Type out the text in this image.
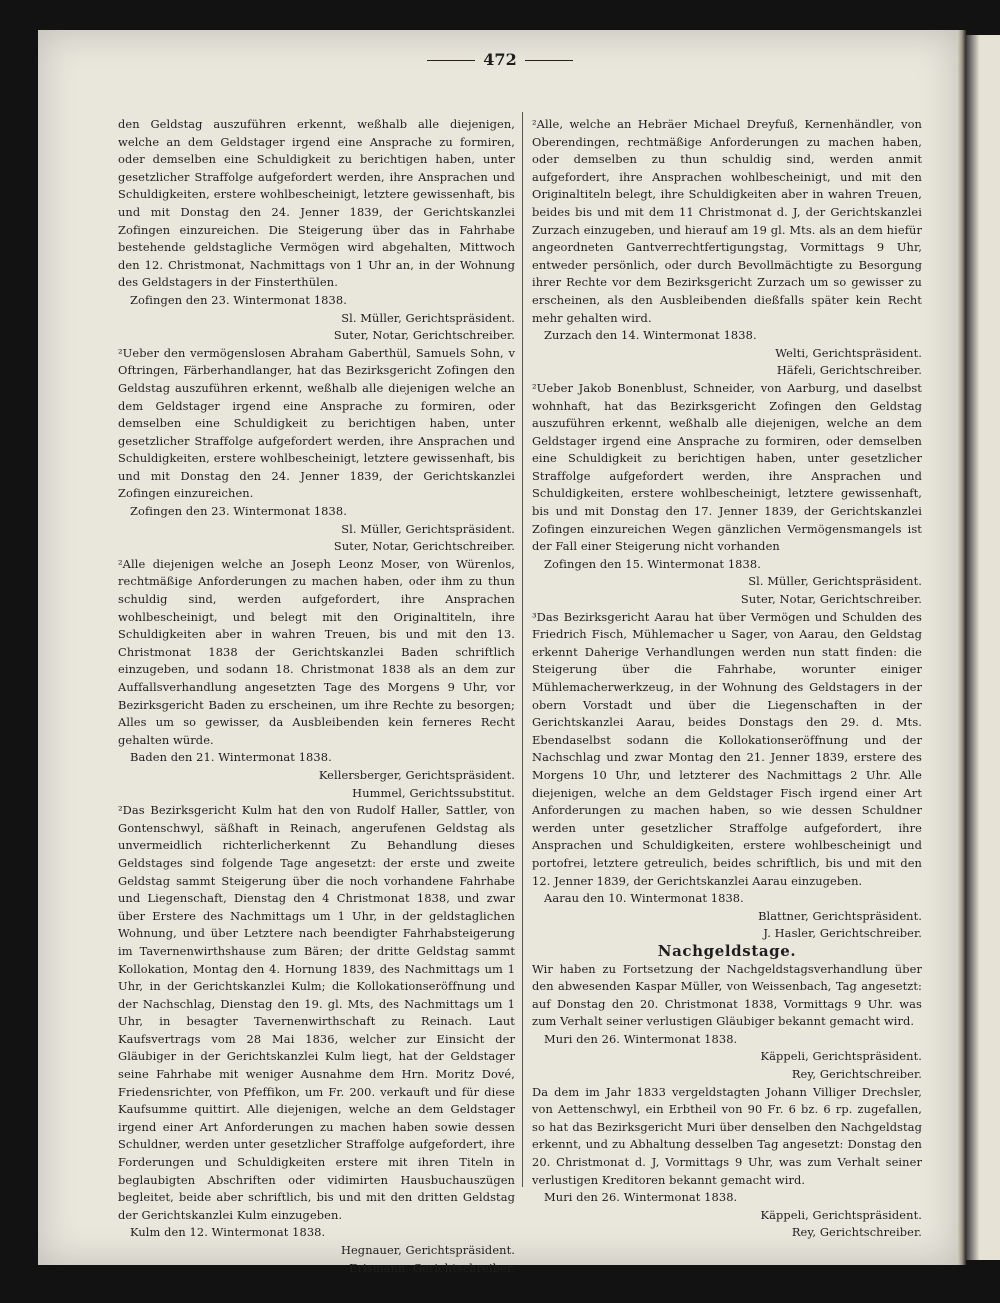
472

den Geldstag auszuführen erkennt, weßhalb alle diejenigen, welche an dem Geldstager irgend eine Ansprache zu formiren, oder demselben eine Schuldigkeit zu berichtigen haben, unter gesetzlicher Straffolge aufgefordert werden, ihre Ansprachen und Schuldigkeiten, erstere wohlbescheinigt, letztere gewissenhaft, bis und mit Donstag den 24. Jenner 1839, der Gerichtskanzlei Zofingen einzureichen. Die Steigerung über das in Fahrhabe bestehende geldstagliche Vermögen wird abgehalten, Mittwoch den 12. Christmonat, Nachmittags von 1 Uhr an, in der Wohnung des Geldstagers in der Finsterthülen.

Zofingen den 23. Wintermonat 1838.

Sl. Müller, Gerichtspräsident.

Suter, Notar, Gerichtschreiber.

²Ueber den vermögenslosen Abraham Gaberthül, Samuels Sohn, v Oftringen, Färberhandlanger, hat das Bezirksgericht Zofingen den Geldstag auszuführen erkennt, weßhalb alle diejenigen welche an dem Geldstager irgend eine Ansprache zu formiren, oder demselben eine Schuldigkeit zu berichtigen haben, unter gesetzlicher Straffolge aufgefordert werden, ihre Ansprachen und Schuldigkeiten, erstere wohlbescheinigt, letztere gewissenhaft, bis und mit Donstag den 24. Jenner 1839, der Gerichtskanzlei Zofingen einzureichen.

Zofingen den 23. Wintermonat 1838.

Sl. Müller, Gerichtspräsident.

Suter, Notar, Gerichtschreiber.

²Alle diejenigen welche an Joseph Leonz Moser, von Würenlos, rechtmäßige Anforderungen zu machen haben, oder ihm zu thun schuldig sind, werden aufgefordert, ihre Ansprachen wohlbescheinigt, und belegt mit den Originaltiteln, ihre Schuldigkeiten aber in wahren Treuen, bis und mit den 13. Christmonat 1838 der Gerichtskanzlei Baden schriftlich einzugeben, und sodann 18. Christmonat 1838 als an dem zur Auffallsverhandlung angesetzten Tage des Morgens 9 Uhr, vor Bezirksgericht Baden zu erscheinen, um ihre Rechte zu besorgen; Alles um so gewisser, da Ausbleibenden kein ferneres Recht gehalten würde.

Baden den 21. Wintermonat 1838.

Kellersberger, Gerichtspräsident.

Hummel, Gerichtssubstitut.

²Das Bezirksgericht Kulm hat den von Rudolf Haller, Sattler, von Gontenschwyl, säßhaft in Reinach, angerufenen Geldstag als unvermeidlich richterlicherkennt Zu Behandlung dieses Geldstages sind folgende Tage angesetzt: der erste und zweite Geldstag sammt Steigerung über die noch vorhandene Fahrhabe und Liegenschaft, Dienstag den 4 Christmonat 1838, und zwar über Erstere des Nachmittags um 1 Uhr, in der geldstaglichen Wohnung, und über Letztere nach beendigter Fahrhabsteigerung im Tavernenwirthshause zum Bären; der dritte Geldstag sammt Kollokation, Montag den 4. Hornung 1839, des Nachmittags um 1 Uhr, in der Gerichtskanzlei Kulm; die Kollokationseröffnung und der Nachschlag, Dienstag den 19. gl. Mts, des Nachmittags um 1 Uhr, in besagter Tavernenwirthschaft zu Reinach. Laut Kaufsvertrags vom 28 Mai 1836, welcher zur Einsicht der Gläubiger in der Gerichtskanzlei Kulm liegt, hat der Geldstager seine Fahrhabe mit weniger Ausnahme dem Hrn. Moritz Dové, Friedensrichter, von Pfeffikon, um Fr. 200. verkauft und für diese Kaufsumme quittirt. Alle diejenigen, welche an dem Geldstager irgend einer Art Anforderungen zu machen haben sowie dessen Schuldner, werden unter gesetzlicher Straffolge aufgefordert, ihre Forderungen und Schuldigkeiten erstere mit ihren Titeln in beglaubigten Abschriften oder vidimirten Hausbuchauszügen begleitet, beide aber schriftlich, bis und mit den dritten Geldstag der Gerichtskanzlei Kulm einzugeben.

Kulm den 12. Wintermonat 1838.

Hegnauer, Gerichtspräsident.

Erismann, Gerichtschreiber.

²Alle, welche an Hebräer Michael Dreyfuß, Kernenhändler, von Oberendingen, rechtmäßige Anforderungen zu machen haben, oder demselben zu thun schuldig sind, werden anmit aufgefordert, ihre Ansprachen wohlbescheinigt, und mit den Originaltiteln belegt, ihre Schuldigkeiten aber in wahren Treuen, beides bis und mit dem 11 Christmonat d. J, der Gerichtskanzlei Zurzach einzugeben, und hierauf am 19 gl. Mts. als an dem hiefür angeordneten Gantverrechtfertigungstag, Vormittags 9 Uhr, entweder persönlich, oder durch Bevollmächtigte zu Besorgung ihrer Rechte vor dem Bezirksgericht Zurzach um so gewisser zu erscheinen, als den Ausbleibenden dießfalls später kein Recht mehr gehalten wird.

Zurzach den 14. Wintermonat 1838.

Welti, Gerichtspräsident.

Häfeli, Gerichtschreiber.

²Ueber Jakob Bonenblust, Schneider, von Aarburg, und daselbst wohnhaft, hat das Bezirksgericht Zofingen den Geldstag auszuführen erkennt, weßhalb alle diejenigen, welche an dem Geldstager irgend eine Ansprache zu formiren, oder demselben eine Schuldigkeit zu berichtigen haben, unter gesetzlicher Straffolge aufgefordert werden, ihre Ansprachen und Schuldigkeiten, erstere wohlbescheinigt, letztere gewissenhaft, bis und mit Donstag den 17. Jenner 1839, der Gerichtskanzlei Zofingen einzureichen Wegen gänzlichen Vermögensmangels ist der Fall einer Steigerung nicht vorhanden

Zofingen den 15. Wintermonat 1838.

Sl. Müller, Gerichtspräsident.

Suter, Notar, Gerichtschreiber.

³Das Bezirksgericht Aarau hat über Vermögen und Schulden des Friedrich Fisch, Mühlemacher u Sager, von Aarau, den Geldstag erkennt Daherige Verhandlungen werden nun statt finden: die Steigerung über die Fahrhabe, worunter einiger Mühlemacherwerkzeug, in der Wohnung des Geldstagers in der obern Vorstadt und über die Liegenschaften in der Gerichtskanzlei Aarau, beides Donstags den 29. d. Mts. Ebendaselbst sodann die Kollokationseröffnung und der Nachschlag und zwar Montag den 21. Jenner 1839, erstere des Morgens 10 Uhr, und letzterer des Nachmittags 2 Uhr. Alle diejenigen, welche an dem Geldstager Fisch irgend einer Art Anforderungen zu machen haben, so wie dessen Schuldner werden unter gesetzlicher Straffolge aufgefordert, ihre Ansprachen und Schuldigkeiten, erstere wohlbescheinigt und portofrei, letztere getreulich, beides schriftlich, bis und mit den 12. Jenner 1839, der Gerichtskanzlei Aarau einzugeben.

Aarau den 10. Wintermonat 1838.

Blattner, Gerichtspräsident.

J. Hasler, Gerichtschreiber.

Nachgeldstage.

Wir haben zu Fortsetzung der Nachgeldstagsverhandlung über den abwesenden Kaspar Müller, von Weissenbach, Tag angesetzt: auf Donstag den 20. Christmonat 1838, Vormittags 9 Uhr. was zum Verhalt seiner verlustigen Gläubiger bekannt gemacht wird.

Muri den 26. Wintermonat 1838.

Käppeli, Gerichtspräsident.

Rey, Gerichtschreiber.

Da dem im Jahr 1833 vergeldstagten Johann Villiger Drechsler, von Aettenschwyl, ein Erbtheil von 90 Fr. 6 bz. 6 rp. zugefallen, so hat das Bezirksgericht Muri über denselben den Nachgeldstag erkennt, und zu Abhaltung desselben Tag angesetzt: Donstag den 20. Christmonat d. J, Vormittags 9 Uhr, was zum Verhalt seiner verlustigen Kreditoren bekannt gemacht wird.

Muri den 26. Wintermonat 1838.

Käppeli, Gerichtspräsident.

Rey, Gerichtschreiber.
